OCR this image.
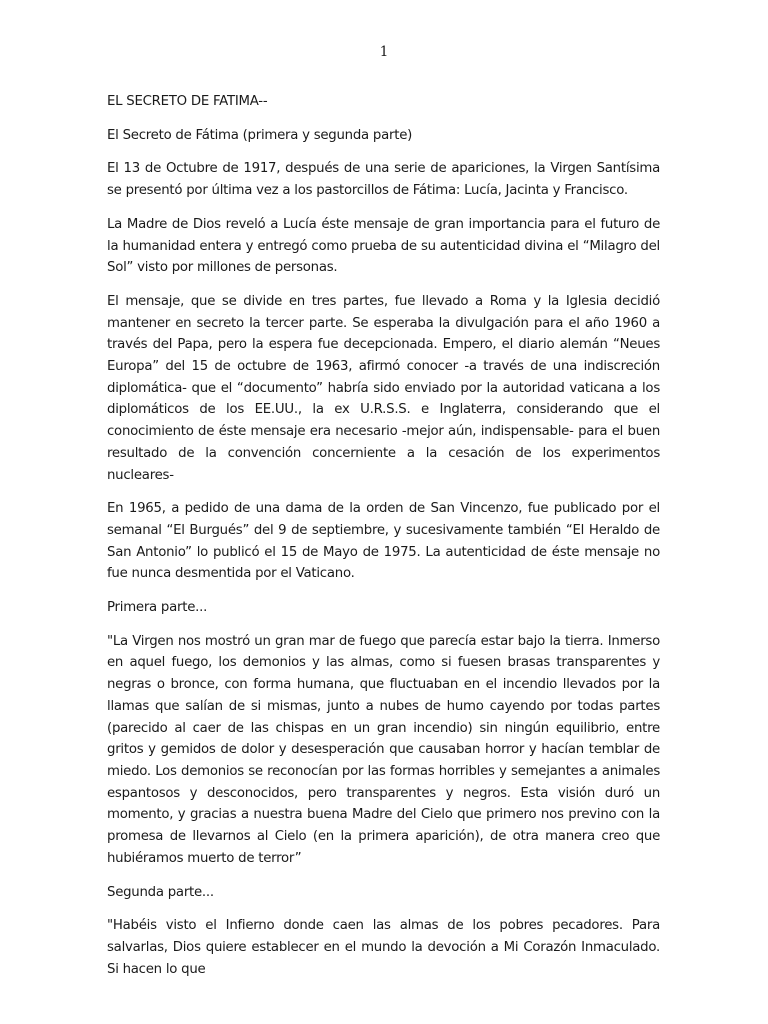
1

EL SECRETO DE FATIMA--

El Secreto de Fátima (primera y segunda parte)

El 13 de Octubre de 1917, después de una serie de apariciones, la Virgen Santísima se presentó por última vez a los pastorcillos de Fátima: Lucía, Jacinta y Francisco.

La Madre de Dios reveló a Lucía éste mensaje de gran importancia para el futuro de la humanidad entera y entregó como prueba de su autenticidad divina el “Milagro del Sol” visto por millones de personas.

El mensaje, que se divide en tres partes, fue llevado a Roma y la Iglesia decidió mantener en secreto la tercer parte. Se esperaba la divulgación para el año 1960 a través del Papa, pero la espera fue decepcionada. Empero, el diario alemán “Neues Europa” del 15 de octubre de 1963, afirmó conocer -a través de una indiscreción diplomática- que el “documento” habría sido enviado por la autoridad vaticana a los diplomáticos de los EE.UU., la ex U.R.S.S. e Inglaterra, considerando que el conocimiento de éste mensaje era necesario -mejor aún, indispensable- para el buen resultado de la convención concerniente a la cesación de los experimentos nucleares-

En 1965, a pedido de una dama de la orden de San Vincenzo, fue publicado por el semanal “El Burgués” del 9 de septiembre, y sucesivamente también “El Heraldo de San Antonio” lo publicó el 15 de Mayo de 1975. La autenticidad de éste mensaje no fue nunca desmentida por el Vaticano.

Primera parte...

"La Virgen nos mostró un gran mar de fuego que parecía estar bajo la tierra. Inmerso en aquel fuego, los demonios y las almas, como si fuesen brasas transparentes y negras o bronce, con forma humana, que fluctuaban en el incendio llevados por la llamas que salían de si mismas, junto a nubes de humo cayendo por todas partes (parecido al caer de las chispas en un gran incendio) sin ningún equilibrio, entre gritos y gemidos de dolor y desesperación que causaban horror y hacían temblar de miedo. Los demonios se reconocían por las formas horribles y semejantes a animales espantosos y desconocidos, pero transparentes y negros. Esta visión duró un momento, y gracias a nuestra buena Madre del Cielo que primero nos previno con la promesa de llevarnos al Cielo (en la primera aparición), de otra manera creo que hubiéramos muerto de terror”

Segunda parte...

"Habéis visto el Infierno donde caen las almas de los pobres pecadores. Para salvarlas, Dios quiere establecer en el mundo la devoción a Mi Corazón Inmaculado. Si hacen lo que
